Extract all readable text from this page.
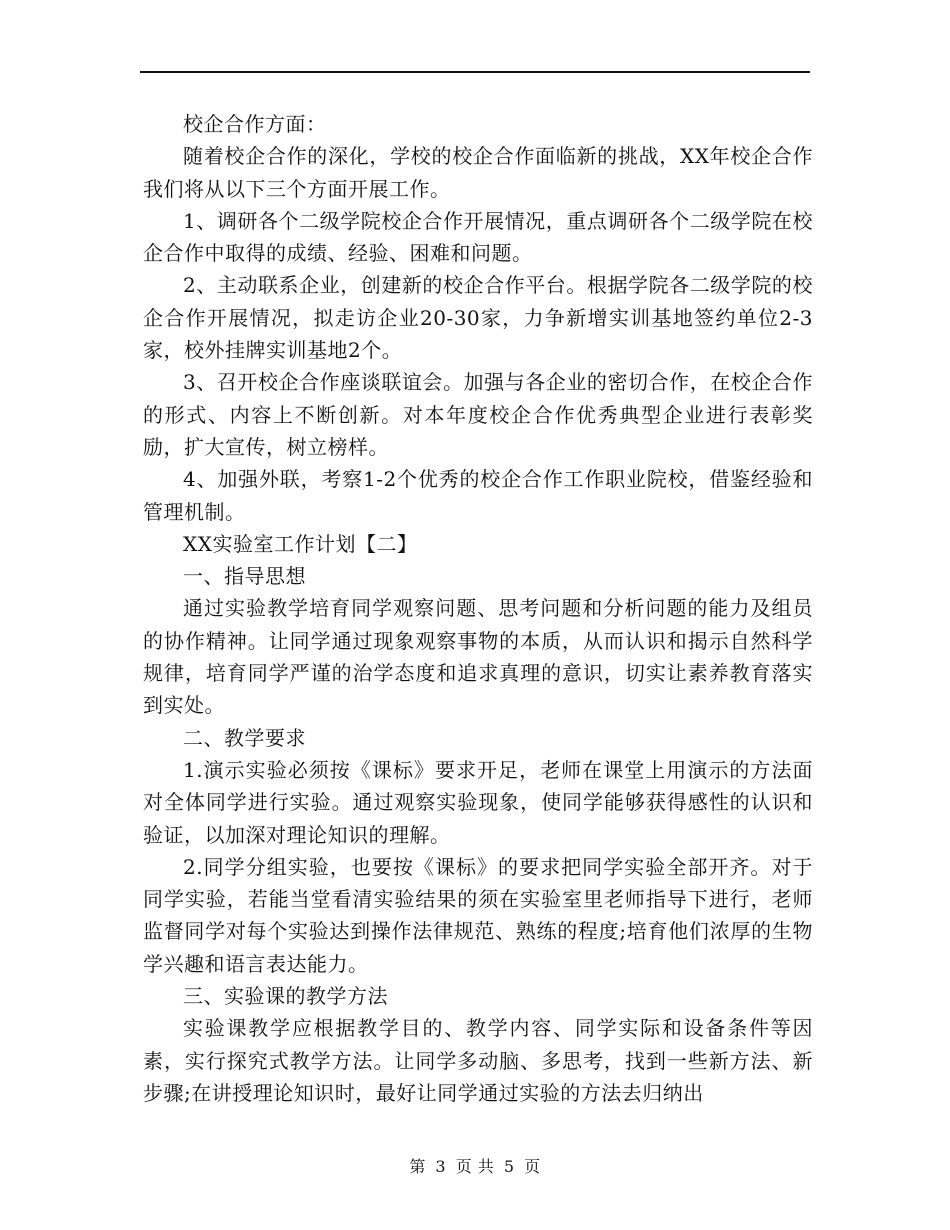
校企合作方面：

随着校企合作的深化，学校的校企合作面临新的挑战，XX年校企合作我们将从以下三个方面开展工作。

1、调研各个二级学院校企合作开展情况，重点调研各个二级学院在校企合作中取得的成绩、经验、困难和问题。

2、主动联系企业，创建新的校企合作平台。根据学院各二级学院的校企合作开展情况，拟走访企业20-30家，力争新增实训基地签约单位2-3家，校外挂牌实训基地2个。

3、召开校企合作座谈联谊会。加强与各企业的密切合作，在校企合作的形式、内容上不断创新。对本年度校企合作优秀典型企业进行表彰奖励，扩大宣传，树立榜样。

4、加强外联，考察1-2个优秀的校企合作工作职业院校，借鉴经验和管理机制。

XX实验室工作计划【二】

一、指导思想

通过实验教学培育同学观察问题、思考问题和分析问题的能力及组员的协作精神。让同学通过现象观察事物的本质，从而认识和揭示自然科学规律，培育同学严谨的治学态度和追求真理的意识，切实让素养教育落实到实处。

二、教学要求

1.演示实验必须按《课标》要求开足，老师在课堂上用演示的方法面对全体同学进行实验。通过观察实验现象，使同学能够获得感性的认识和验证，以加深对理论知识的理解。

2.同学分组实验，也要按《课标》的要求把同学实验全部开齐。对于同学实验，若能当堂看清实验结果的须在实验室里老师指导下进行，老师监督同学对每个实验达到操作法律规范、熟练的程度;培育他们浓厚的生物学兴趣和语言表达能力。

三、实验课的教学方法

实验课教学应根据教学目的、教学内容、同学实际和设备条件等因素，实行探究式教学方法。让同学多动脑、多思考，找到一些新方法、新步骤;在讲授理论知识时，最好让同学通过实验的方法去归纳出

第 3 页 共 5 页
